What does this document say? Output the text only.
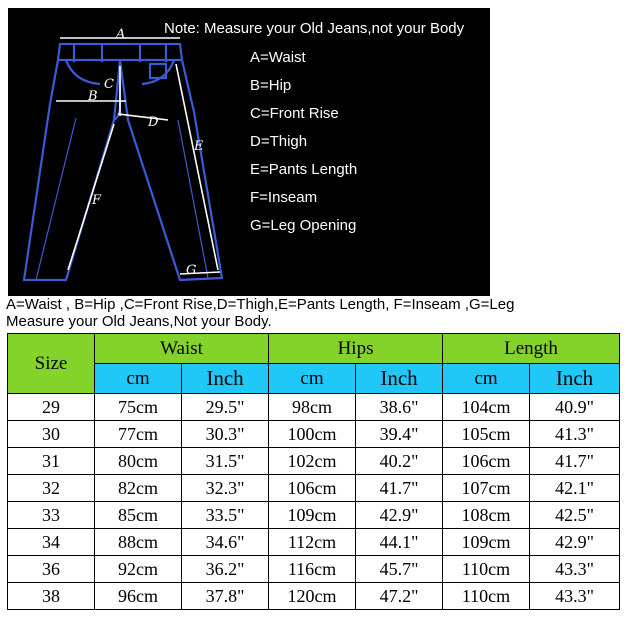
A
B
C
D
E
F
G
Note: Measure your Old Jeans,not your Body
A=Waist
B=Hip
C=Front Rise
D=Thigh
E=Pants Length
F=Inseam
G=Leg Opening
A=Waist , B=Hip ,C=Front Rise,D=Thigh,E=Pants Length, F=Inseam ,G=Leg
Measure your Old Jeans,Not your Body.
Size	Waist		Hips		Length	
	cm	Inch	cm	Inch	cm	Inch
29	75cm	29.5"	98cm	38.6"	104cm	40.9"
30	77cm	30.3"	100cm	39.4"	105cm	41.3"
31	80cm	31.5"	102cm	40.2"	106cm	41.7"
32	82cm	32.3"	106cm	41.7"	107cm	42.1"
33	85cm	33.5"	109cm	42.9"	108cm	42.5"
34	88cm	34.6"	112cm	44.1"	109cm	42.9"
36	92cm	36.2"	116cm	45.7"	110cm	43.3"
38	96cm	37.8"	120cm	47.2"	110cm	43.3"
